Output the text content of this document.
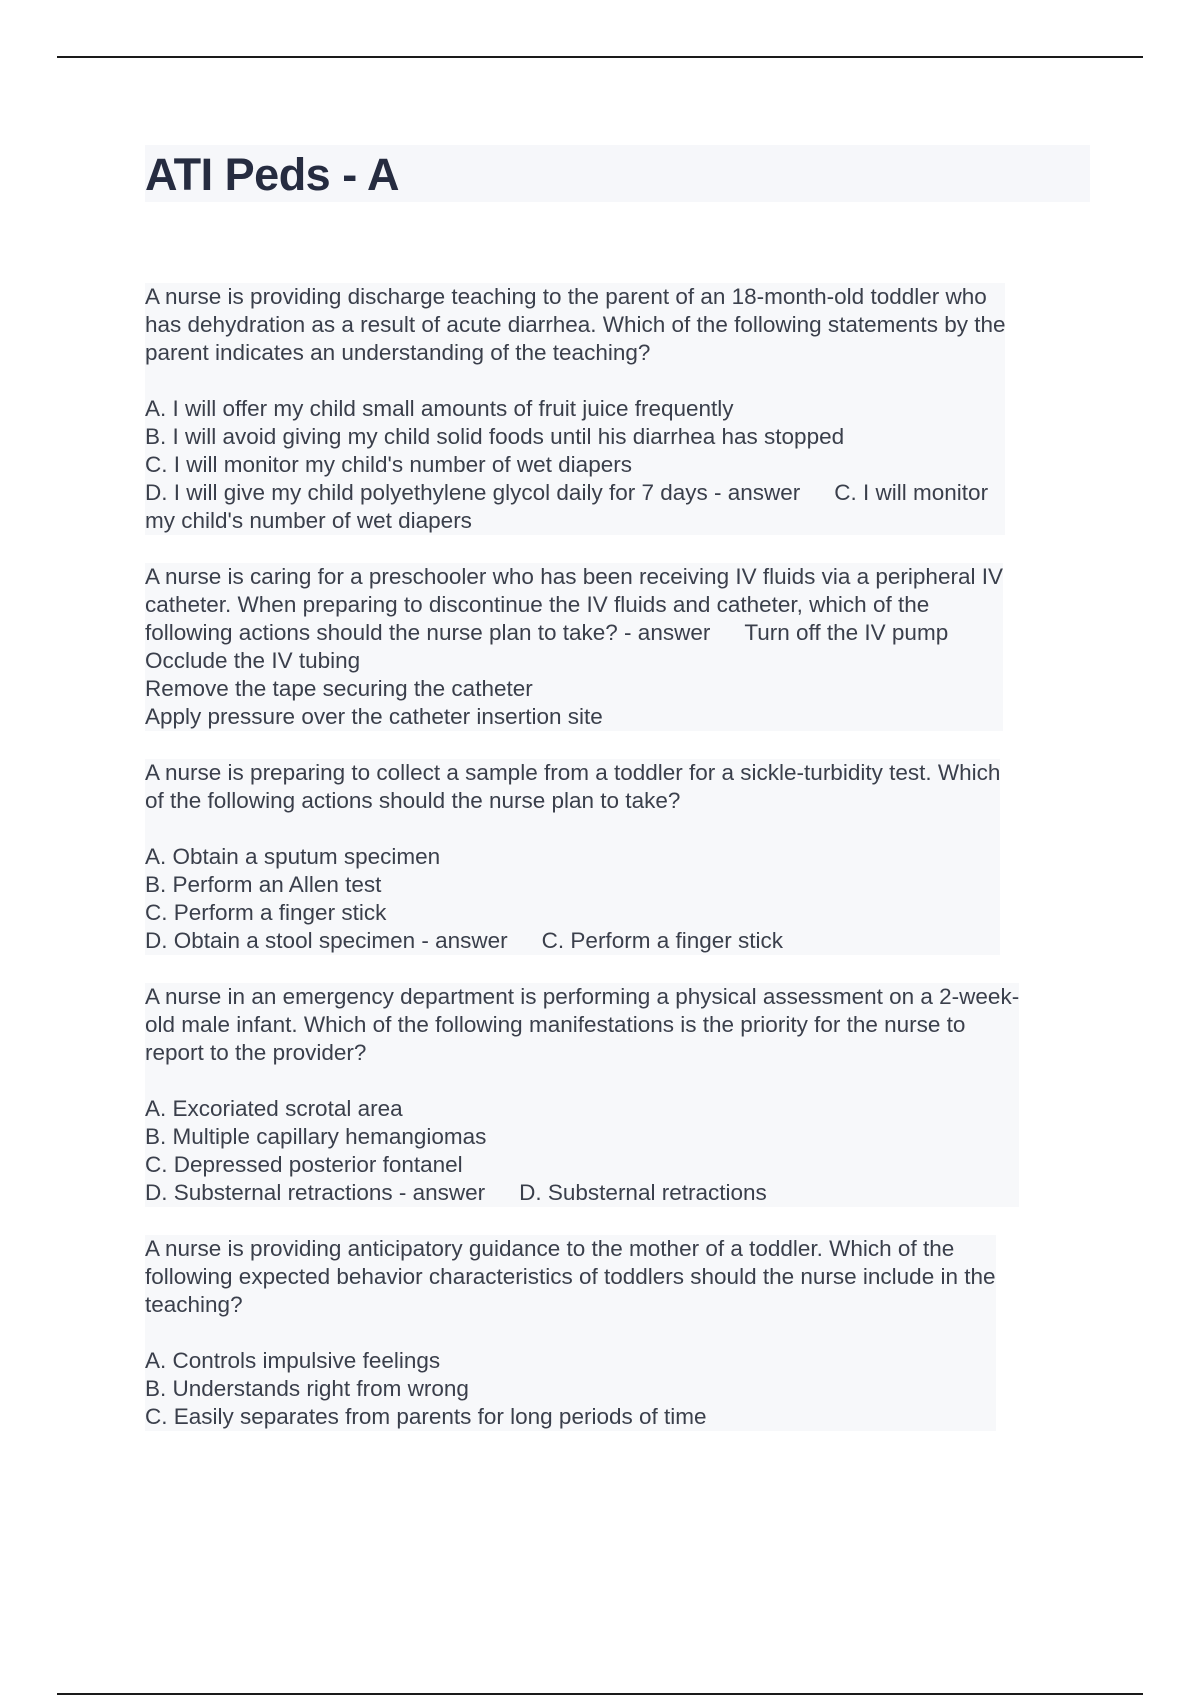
ATI Peds - A
A nurse is providing discharge teaching to the parent of an 18-month-old toddler who
has dehydration as a result of acute diarrhea. Which of the following statements by the
parent indicates an understanding of the teaching?
A. I will offer my child small amounts of fruit juice frequently
B. I will avoid giving my child solid foods until his diarrhea has stopped
C. I will monitor my child's number of wet diapers
D. I will give my child polyethylene glycol daily for 7 days - answer C. I will monitor
my child's number of wet diapers
A nurse is caring for a preschooler who has been receiving IV fluids via a peripheral IV
catheter. When preparing to discontinue the IV fluids and catheter, which of the
following actions should the nurse plan to take? - answer Turn off the IV pump
Occlude the IV tubing
Remove the tape securing the catheter
Apply pressure over the catheter insertion site
A nurse is preparing to collect a sample from a toddler for a sickle-turbidity test. Which
of the following actions should the nurse plan to take?
A. Obtain a sputum specimen
B. Perform an Allen test
C. Perform a finger stick
D. Obtain a stool specimen - answer C. Perform a finger stick
A nurse in an emergency department is performing a physical assessment on a 2-week-
old male infant. Which of the following manifestations is the priority for the nurse to
report to the provider?
A. Excoriated scrotal area
B. Multiple capillary hemangiomas
C. Depressed posterior fontanel
D. Substernal retractions - answer D. Substernal retractions
A nurse is providing anticipatory guidance to the mother of a toddler. Which of the
following expected behavior characteristics of toddlers should the nurse include in the
teaching?
A. Controls impulsive feelings
B. Understands right from wrong
C. Easily separates from parents for long periods of time
